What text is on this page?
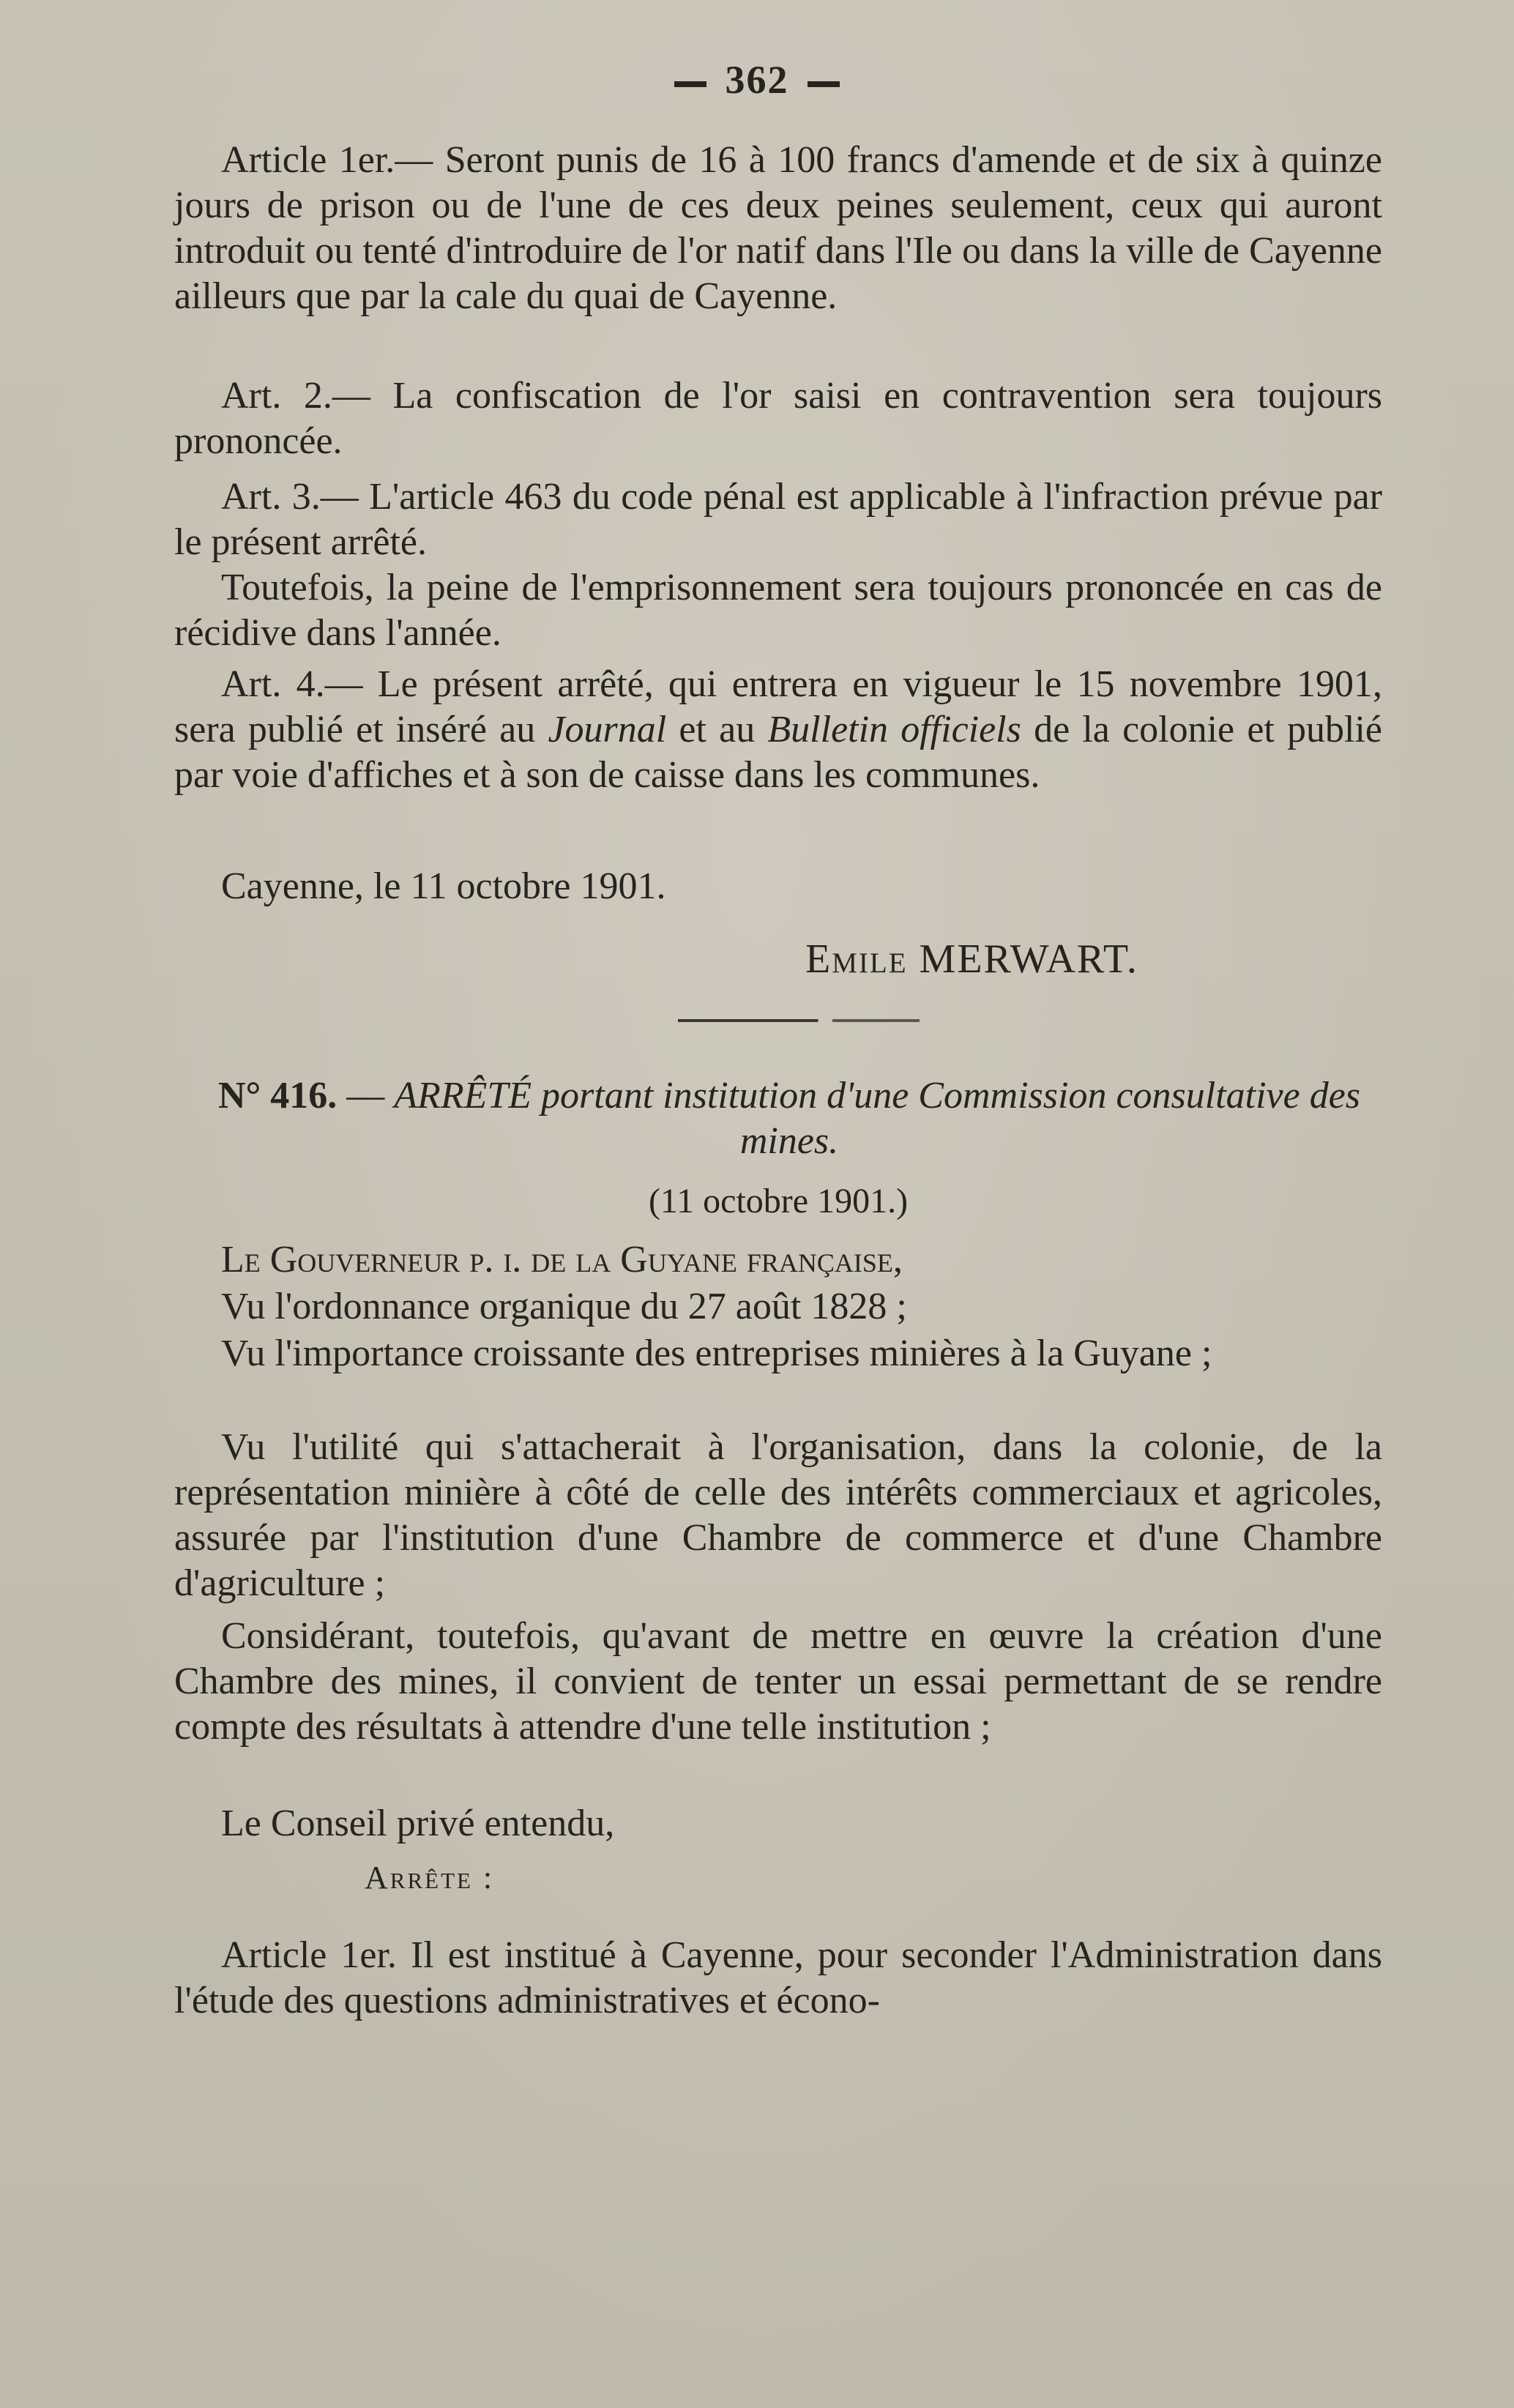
362

Article 1er.— Seront punis de 16 à 100 francs d'amende et de six à quinze jours de prison ou de l'une de ces deux peines seulement, ceux qui auront introduit ou tenté d'introduire de l'or natif dans l'Ile ou dans la ville de Cayenne ailleurs que par la cale du quai de Cayenne.

Art. 2.— La confiscation de l'or saisi en contravention sera toujours prononcée.

Art. 3.— L'article 463 du code pénal est applicable à l'infraction prévue par le présent arrêté.

Toutefois, la peine de l'emprisonnement sera toujours prononcée en cas de récidive dans l'année.

Art. 4.— Le présent arrêté, qui entrera en vigueur le 15 novembre 1901, sera publié et inséré au Journal et au Bulletin officiels de la colonie et publié par voie d'affiches et à son de caisse dans les communes.

Cayenne, le 11 octobre 1901.

Emile MERWART.

N° 416. — ARRÊTÉ portant institution d'une Commission consultative des mines.

(11 octobre 1901.)

Le Gouverneur p. i. de la Guyane française,

Vu l'ordonnance organique du 27 août 1828 ;

Vu l'importance croissante des entreprises minières à la Guyane ;

Vu l'utilité qui s'attacherait à l'organisation, dans la colonie, de la représentation minière à côté de celle des intérêts commerciaux et agricoles, assurée par l'institution d'une Chambre de commerce et d'une Chambre d'agriculture ;

Considérant, toutefois, qu'avant de mettre en œuvre la création d'une Chambre des mines, il convient de tenter un essai permettant de se rendre compte des résultats à attendre d'une telle institution ;

Le Conseil privé entendu,

Arrête :

Article 1er. Il est institué à Cayenne, pour seconder l'Administration dans l'étude des questions administratives et écono-
